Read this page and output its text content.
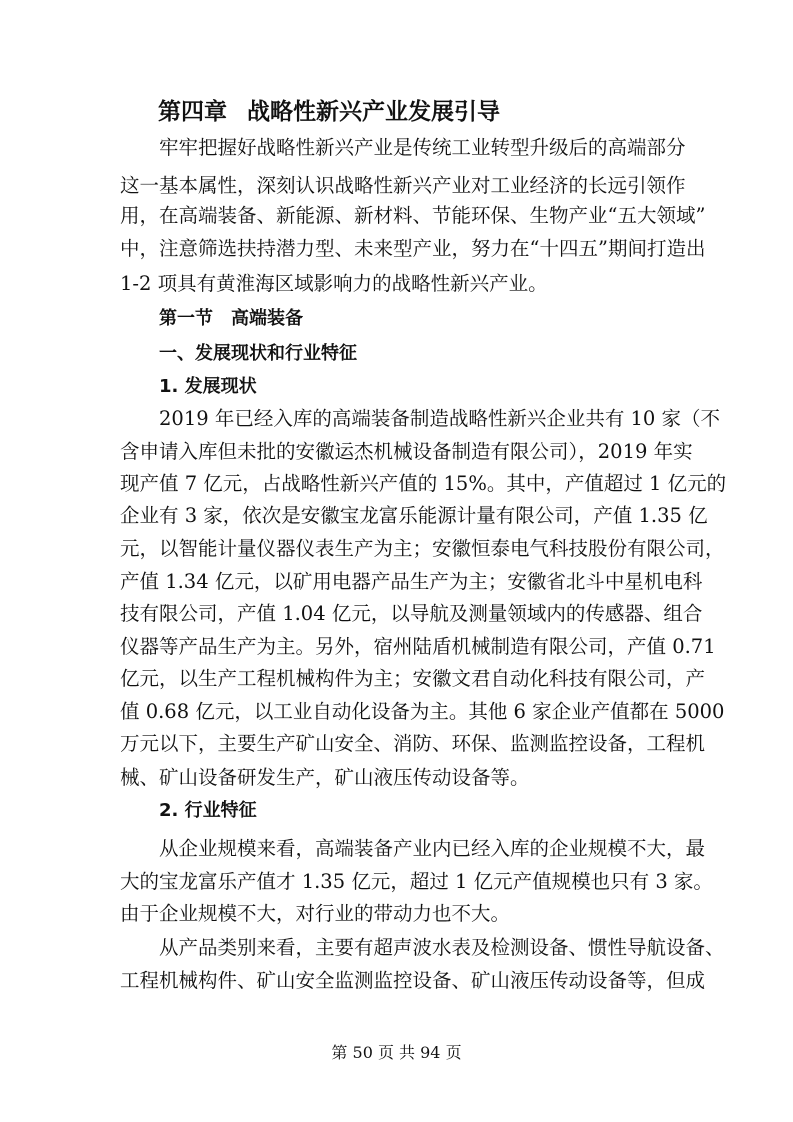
第四章 战略性新兴产业发展引导
牢牢把握好战略性新兴产业是传统工业转型升级后的高端部分
这一基本属性，深刻认识战略性新兴产业对工业经济的长远引领作
用，在高端装备、新能源、新材料、节能环保、生物产业“五大领域”
中，注意筛选扶持潜力型、未来型产业，努力在“十四五”期间打造出
1-2 项具有黄淮海区域影响力的战略性新兴产业。
第一节 高端装备
一、发展现状和行业特征
1. 发展现状
2019 年已经入库的高端装备制造战略性新兴企业共有 10 家（不
含申请入库但未批的安徽运杰机械设备制造有限公司），2019 年实
现产值 7 亿元，占战略性新兴产值的 15%。其中，产值超过 1 亿元的
企业有 3 家，依次是安徽宝龙富乐能源计量有限公司，产值 1.35 亿
元，以智能计量仪器仪表生产为主；安徽恒泰电气科技股份有限公司，
产值 1.34 亿元，以矿用电器产品生产为主；安徽省北斗中星机电科
技有限公司，产值 1.04 亿元，以导航及测量领域内的传感器、组合
仪器等产品生产为主。另外，宿州陆盾机械制造有限公司，产值 0.71
亿元，以生产工程机械构件为主；安徽文君自动化科技有限公司，产
值 0.68 亿元，以工业自动化设备为主。其他 6 家企业产值都在 5000
万元以下，主要生产矿山安全、消防、环保、监测监控设备，工程机
械、矿山设备研发生产，矿山液压传动设备等。
2. 行业特征
从企业规模来看，高端装备产业内已经入库的企业规模不大，最
大的宝龙富乐产值才 1.35 亿元，超过 1 亿元产值规模也只有 3 家。
由于企业规模不大，对行业的带动力也不大。
从产品类别来看，主要有超声波水表及检测设备、惯性导航设备、
工程机械构件、矿山安全监测监控设备、矿山液压传动设备等，但成
第 50 页 共 94 页
